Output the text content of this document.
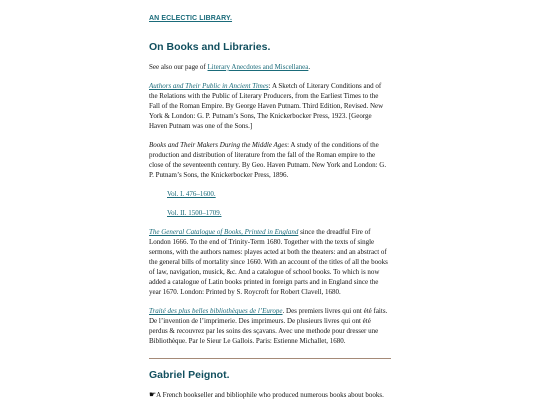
AN ECLECTIC LIBRARY.
On Books and Libraries.

See also our page of Literary Anecdotes and Miscellanea.

Authors and Their Public in Ancient Times: A Sketch of Literary Conditions and of the Relations with the Public of Literary Producers, from the Earliest Times to the Fall of the Roman Empire. By George Haven Putnam. Third Edition, Revised. New York & London: G. P. Putnam’s Sons, The Knickerbocker Press, 1923. [George Haven Putnam was one of the Sons.]

Books and Their Makers During the Middle Ages: A study of the conditions of the production and distribution of literature from the fall of the Roman empire to the close of the seventeenth century. By Geo. Haven Putnam. New York and London: G. P. Putnam’s Sons, the Knickerbocker Press, 1896.

Vol. I. 476–1600.

Vol. II. 1500–1709.

The General Catalogue of Books, Printed in England since the dreadful Fire of London 1666. To the end of Trinity-Term 1680. Together with the texts of single sermons, with the authors names: playes acted at both the theaters: and an abstract of the general bills of mortality since 1660. With an account of the titles of all the books of law, navigation, musick, &c. And a catalogue of school books. To which is now added a catalogue of Latin books printed in foreign parts and in England since the year 1670. London: Printed by S. Roycroft for Robert Clavell, 1680.

Traité des plus belles bibliothèques de l’Europe. Des premiers livres qui ont été faits. De l’invention de l’imprimerie. Des imprimeurs. De plusieurs livres qui ont été perdus & recouvrez par les soins des sçavans. Avec une methode pour dresser une Bibliothèque. Par le Sieur Le Gallois. Paris: Estienne Michallet, 1680.

Gabriel Peignot.

☛A French bookseller and bibliophile who produced numerous books about books.
